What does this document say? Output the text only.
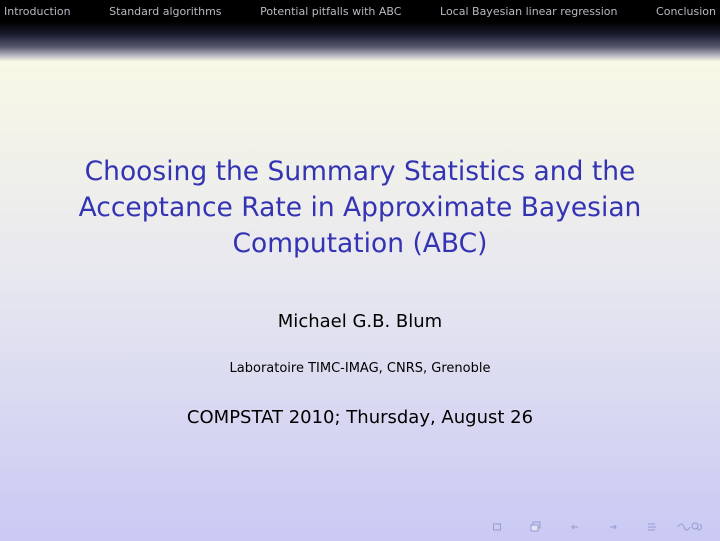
Introduction	Standard algorithms	Potential pitfalls with ABC	Local Bayesian linear regression	Conclusion
Choosing the Summary Statistics and the
Acceptance Rate in Approximate Bayesian
Computation (ABC)
Michael G.B. Blum
Laboratoire TIMC-IMAG, CNRS, Grenoble
COMPSTAT 2010; Thursday, August 26
